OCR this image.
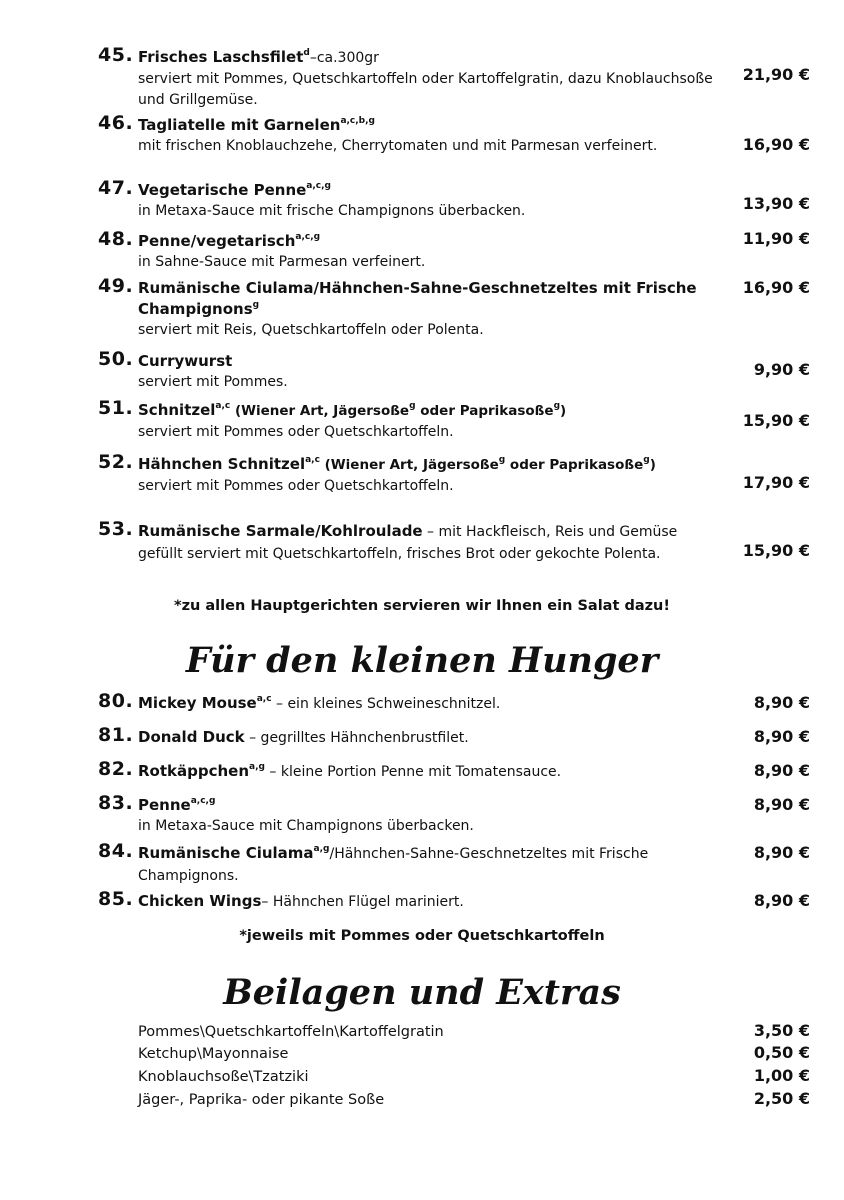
45. Frisches Laschsfilet$^d$–ca.300gr
serviert mit Pommes, Quetschkartoffeln oder Kartoffelgratin, dazu Knoblauchsoße und Grillgemüse.
21,90 €
46. Tagliatelle mit Garnelen$^{a,c,b,g}$
mit frischen Knoblauchzehe, Cherrytomaten und mit Parmesan verfeinert.	16,90 €
47. Vegetarische Penne$^{a,c,g}$
in Metaxa-Sauce mit frische Champignons überbacken.	13,90 €
48. Penne/vegetarisch$^{a,c,g}$
in Sahne-Sauce mit Parmesan verfeinert.
11,90 €
49. Rumänische Ciulama/Hähnchen-Sahne-Geschnetzeltes mit Frische Champignons$^g$
serviert mit Reis, Quetschkartoffeln oder Polenta.
16,90 €
50. Currywurst
serviert mit Pommes.
9,90 €
51. Schnitzel$^{a,c}$ (Wiener Art, Jägersoße$^g$ oder Paprikasoße$^g$)
serviert mit Pommes oder Quetschkartoffeln.
15,90 €
52. Hähnchen Schnitzel$^{a,c}$ (Wiener Art, Jägersoße$^g$ oder Paprikasoße$^g$)
serviert mit Pommes oder Quetschkartoffeln.	17,90 €
53. Rumänische Sarmale/Kohlroulade – mit Hackfleisch, Reis und Gemüse gefüllt serviert mit Quetschkartoffeln, frisches Brot oder gekochte Polenta.	15,90 €
*zu allen Hauptgerichten servieren wir Ihnen ein Salat dazu!
Für den kleinen Hunger
80. Mickey Mouse$^{a,c}$ – ein kleines Schweineschnitzel.	8,90 €
81. Donald Duck – gegrilltes Hähnchenbrustfilet.	8,90 €
82. Rotkäppchen$^{a,g}$ – kleine Portion Penne mit Tomatensauce.	8,90 €
83. Penne$^{a,c,g}$
in Metaxa-Sauce mit Champignons überbacken.
8,90 €
84. Rumänische Ciulama$^{a,g}$/Hähnchen-Sahne-Geschnetzeltes mit Frische Champignons.
8,90 €
85. Chicken Wings– Hähnchen Flügel mariniert.	8,90 €
*jeweils mit Pommes oder Quetschkartoffeln
Beilagen und Extras
Pommes\Quetschkartoffeln\Kartoffelgratin	3,50 €
Ketchup\Mayonnaise	0,50 €
Knoblauchsoße\Tzatziki	1,00 €
Jäger-, Paprika- oder pikante Soße	2,50 €
